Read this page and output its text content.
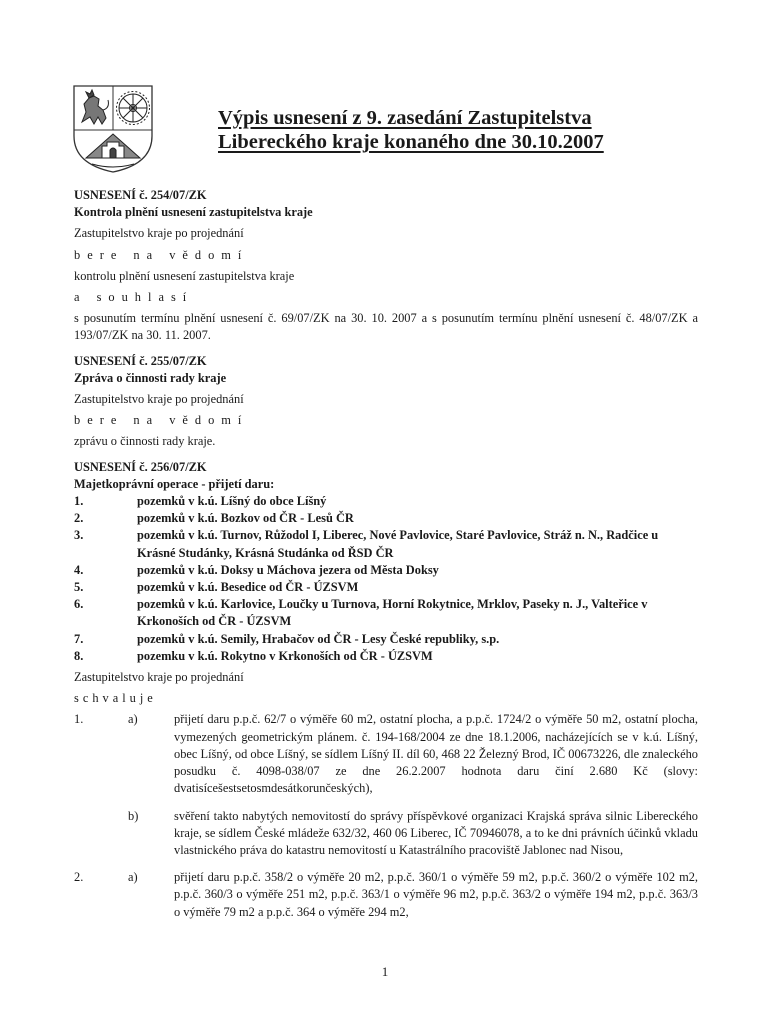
Výpis usnesení z 9. zasedání Zastupitelstva
Libereckého kraje konaného dne 30.10.2007
USNESENÍ č. 254/07/ZK
Kontrola plnění usnesení zastupitelstva kraje

Zastupitelstvo kraje po projednání

bere na vědomí

kontrolu plnění usnesení zastupitelstva kraje

a souhlasí

s posunutím termínu plnění usnesení č. 69/07/ZK na 30. 10. 2007 a s posunutím termínu plnění usnesení č. 48/07/ZK a 193/07/ZK na 30. 11. 2007.

USNESENÍ č. 255/07/ZK
Zpráva o činnosti rady kraje

Zastupitelstvo kraje po projednání

bere na vědomí

zprávu o činnosti rady kraje.

USNESENÍ č. 256/07/ZK
Majetkoprávní operace - přijetí daru:
1.	pozemků v k.ú. Líšný do obce Líšný
2.	pozemků v k.ú. Bozkov od ČR - Lesů ČR
3.	pozemků v k.ú. Turnov, Růžodol I, Liberec, Nové Pavlovice, Staré Pavlovice, Stráž n. N., Radčice u Krásné Studánky, Krásná Studánka od ŘSD ČR
4.	pozemků v k.ú. Doksy u Máchova jezera od Města Doksy
5.	pozemků v k.ú. Besedice od ČR - ÚZSVM
6.	pozemků v k.ú. Karlovice, Loučky u Turnova, Horní Rokytnice, Mrklov, Paseky n. J., Valteřice v Krkonoších od ČR - ÚZSVM
7.	pozemků v k.ú. Semily, Hrabačov od ČR - Lesy České republiky, s.p.
8.	pozemku v k.ú. Rokytno v Krkonoších od ČR - ÚZSVM

Zastupitelstvo kraje po projednání

schvaluje

1.	a)	přijetí daru p.p.č. 62/7 o výměře 60 m2, ostatní plocha, a p.p.č. 1724/2 o výměře 50 m2, ostatní plocha, vymezených geometrickým plánem. č. 194-168/2004 ze dne 18.1.2006, nacházejících se v k.ú. Líšný, obec Líšný, od obce Líšný, se sídlem Líšný II. díl 60, 468 22 Železný Brod, IČ 00673226, dle znaleckého posudku č. 4098-038/07 ze dne 26.2.2007 hodnota daru činí 2.680 Kč (slovy: dvatisícešestsetosmdesátkorunčeských),
b)	svěření takto nabytých nemovitostí do správy příspěvkové organizaci Krajská správa silnic Libereckého kraje, se sídlem České mládeže 632/32, 460 06 Liberec, IČ 70946078, a to ke dni právních účinků vkladu vlastnického práva do katastru nemovitostí u Katastrálního pracoviště Jablonec nad Nisou,
2.	a)	přijetí daru p.p.č. 358/2 o výměře 20 m2, p.p.č. 360/1 o výměře 59 m2, p.p.č. 360/2 o výměře 102 m2, p.p.č. 360/3 o výměře 251 m2, p.p.č. 363/1 o výměře 96 m2, p.p.č. 363/2 o výměře 194 m2, p.p.č. 363/3 o výměře 79 m2 a p.p.č. 364 o výměře 294 m2,
1
